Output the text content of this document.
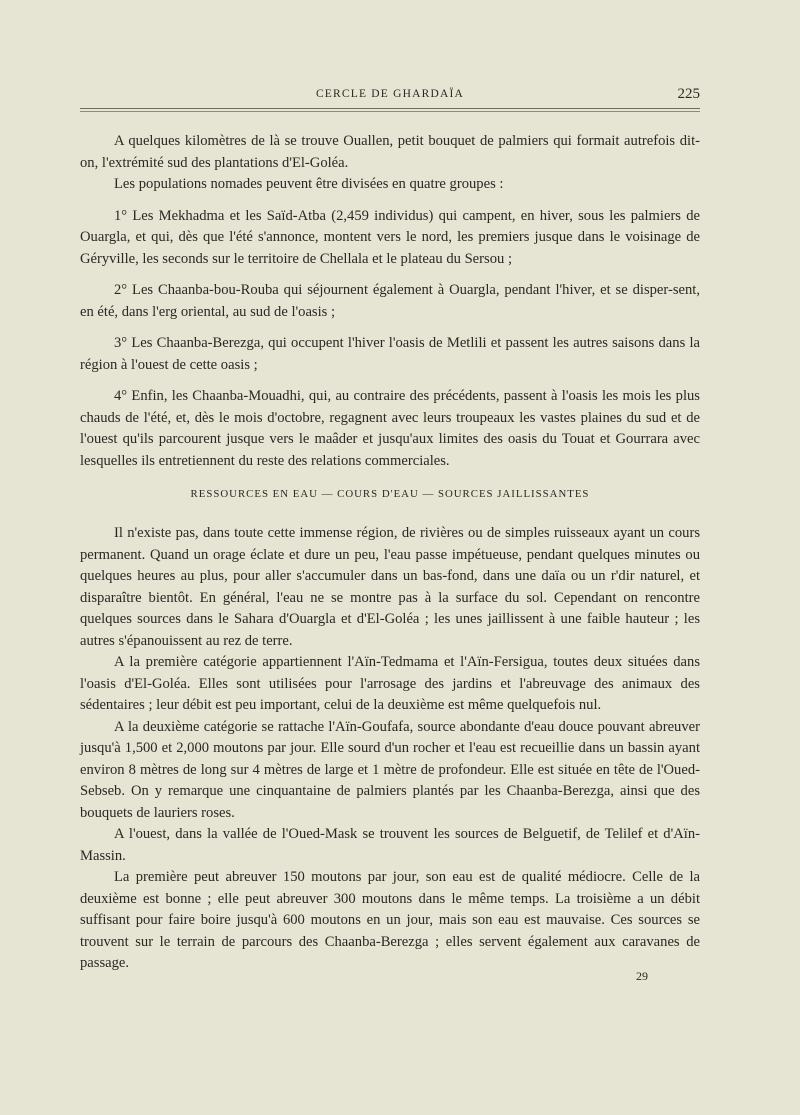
CERCLE DE GHARDAÏA	225

A quelques kilomètres de là se trouve Ouallen, petit bouquet de palmiers qui formait autrefois dit-on, l'extrémité sud des plantations d'El-Goléa.

Les populations nomades peuvent être divisées en quatre groupes :

1° Les Mekhadma et les Saïd-Atba (2,459 individus) qui campent, en hiver, sous les palmiers de Ouargla, et qui, dès que l'été s'annonce, montent vers le nord, les premiers jusque dans le voisinage de Géryville, les seconds sur le territoire de Chellala et le plateau du Sersou ;

2° Les Chaanba-bou-Rouba qui séjournent également à Ouargla, pendant l'hiver, et se disper-sent, en été, dans l'erg oriental, au sud de l'oasis ;

3° Les Chaanba-Berezga, qui occupent l'hiver l'oasis de Metlili et passent les autres saisons dans la région à l'ouest de cette oasis ;

4° Enfin, les Chaanba-Mouadhi, qui, au contraire des précédents, passent à l'oasis les mois les plus chauds de l'été, et, dès le mois d'octobre, regagnent avec leurs troupeaux les vastes plaines du sud et de l'ouest qu'ils parcourent jusque vers le maâder et jusqu'aux limites des oasis du Touat et Gourrara avec lesquelles ils entretiennent du reste des relations commerciales.

RESSOURCES EN EAU — COURS D'EAU — SOURCES JAILLISSANTES

Il n'existe pas, dans toute cette immense région, de rivières ou de simples ruisseaux ayant un cours permanent. Quand un orage éclate et dure un peu, l'eau passe impétueuse, pendant quelques minutes ou quelques heures au plus, pour aller s'accumuler dans un bas-fond, dans une daïa ou un r'dir naturel, et disparaître bientôt. En général, l'eau ne se montre pas à la surface du sol. Cependant on rencontre quelques sources dans le Sahara d'Ouargla et d'El-Goléa ; les unes jaillissent à une faible hauteur ; les autres s'épanouissent au rez de terre.

A la première catégorie appartiennent l'Aïn-Tedmama et l'Aïn-Fersigua, toutes deux situées dans l'oasis d'El-Goléa. Elles sont utilisées pour l'arrosage des jardins et l'abreuvage des animaux des sédentaires ; leur débit est peu important, celui de la deuxième est même quelquefois nul.

A la deuxième catégorie se rattache l'Aïn-Goufafa, source abondante d'eau douce pouvant abreuver jusqu'à 1,500 et 2,000 moutons par jour. Elle sourd d'un rocher et l'eau est recueillie dans un bassin ayant environ 8 mètres de long sur 4 mètres de large et 1 mètre de profondeur. Elle est située en tête de l'Oued-Sebseb. On y remarque une cinquantaine de palmiers plantés par les Chaanba-Berezga, ainsi que des bouquets de lauriers roses.

A l'ouest, dans la vallée de l'Oued-Mask se trouvent les sources de Belguetif, de Telilef et d'Aïn-Massin.

La première peut abreuver 150 moutons par jour, son eau est de qualité médiocre. Celle de la deuxième est bonne ; elle peut abreuver 300 moutons dans le même temps. La troisième a un débit suffisant pour faire boire jusqu'à 600 moutons en un jour, mais son eau est mauvaise. Ces sources se trouvent sur le terrain de parcours des Chaanba-Berezga ; elles servent également aux caravanes de passage.

29
